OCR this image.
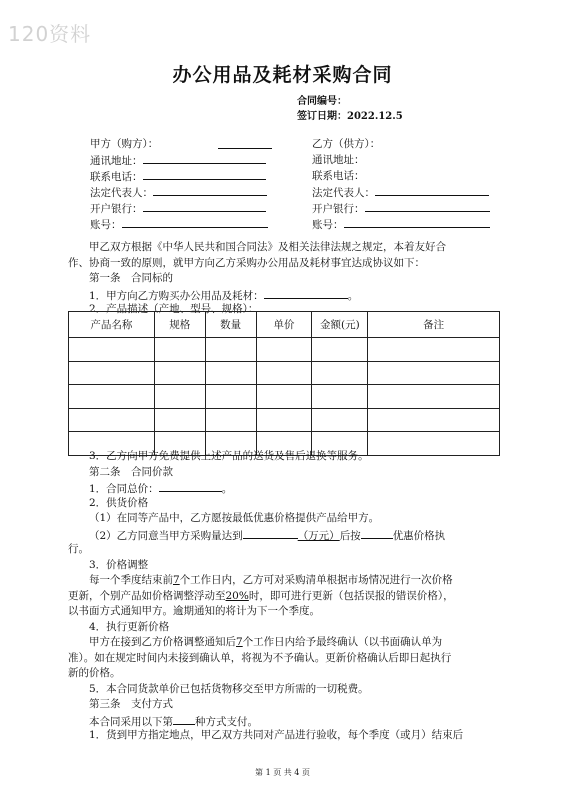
120资料
办公用品及耗材采购合同
合同编号：
签订日期：2022.12.5
甲方（购方）：
通讯地址：
联系电话：
法定代表人：
开户银行：
账号：
乙方（供方）：
通讯地址：
联系电话：
法定代表人：
开户银行：
账号：
甲乙双方根据《中华人民共和国合同法》及相关法律法规之规定，本着友好合
作、协商一致的原则，就甲方向乙方采购办公用品及耗材事宜达成协议如下：
第一条　合同标的
1．甲方向乙方购买办公用品及耗材：	。
2．产品描述（产地、型号、规格）：
产品名称	规格	数量	单价	金额(元)	备注

3．乙方向甲方免费提供上述产品的送货及售后退换等服务。
第二条　合同价款
1．合同总价：	。
2．供货价格
（1）在同等产品中，乙方愿按最低优惠价格提供产品给甲方。
（2）乙方同意当甲方采购量达到	（万元）后按	优惠价格执
行。
3．价格调整
每一个季度结束前7个工作日内，乙方可对采购清单根据市场情况进行一次价格
更新，个别产品如价格调整浮动至20%时，即可进行更新（包括误报的错误价格），
以书面方式通知甲方。逾期通知的将计为下一个季度。
4．执行更新价格
甲方在接到乙方价格调整通知后7个工作日内给予最终确认（以书面确认单为
准）。如在规定时间内未接到确认单，将视为不予确认。更新价格确认后即日起执行
新的价格。
5．本合同货款单价已包括货物移交至甲方所需的一切税费。
第三条　支付方式
本合同采用以下第 种方式支付。
1．货到甲方指定地点，甲乙双方共同对产品进行验收，每个季度（或月）结束后
第 1 页 共 4 页
